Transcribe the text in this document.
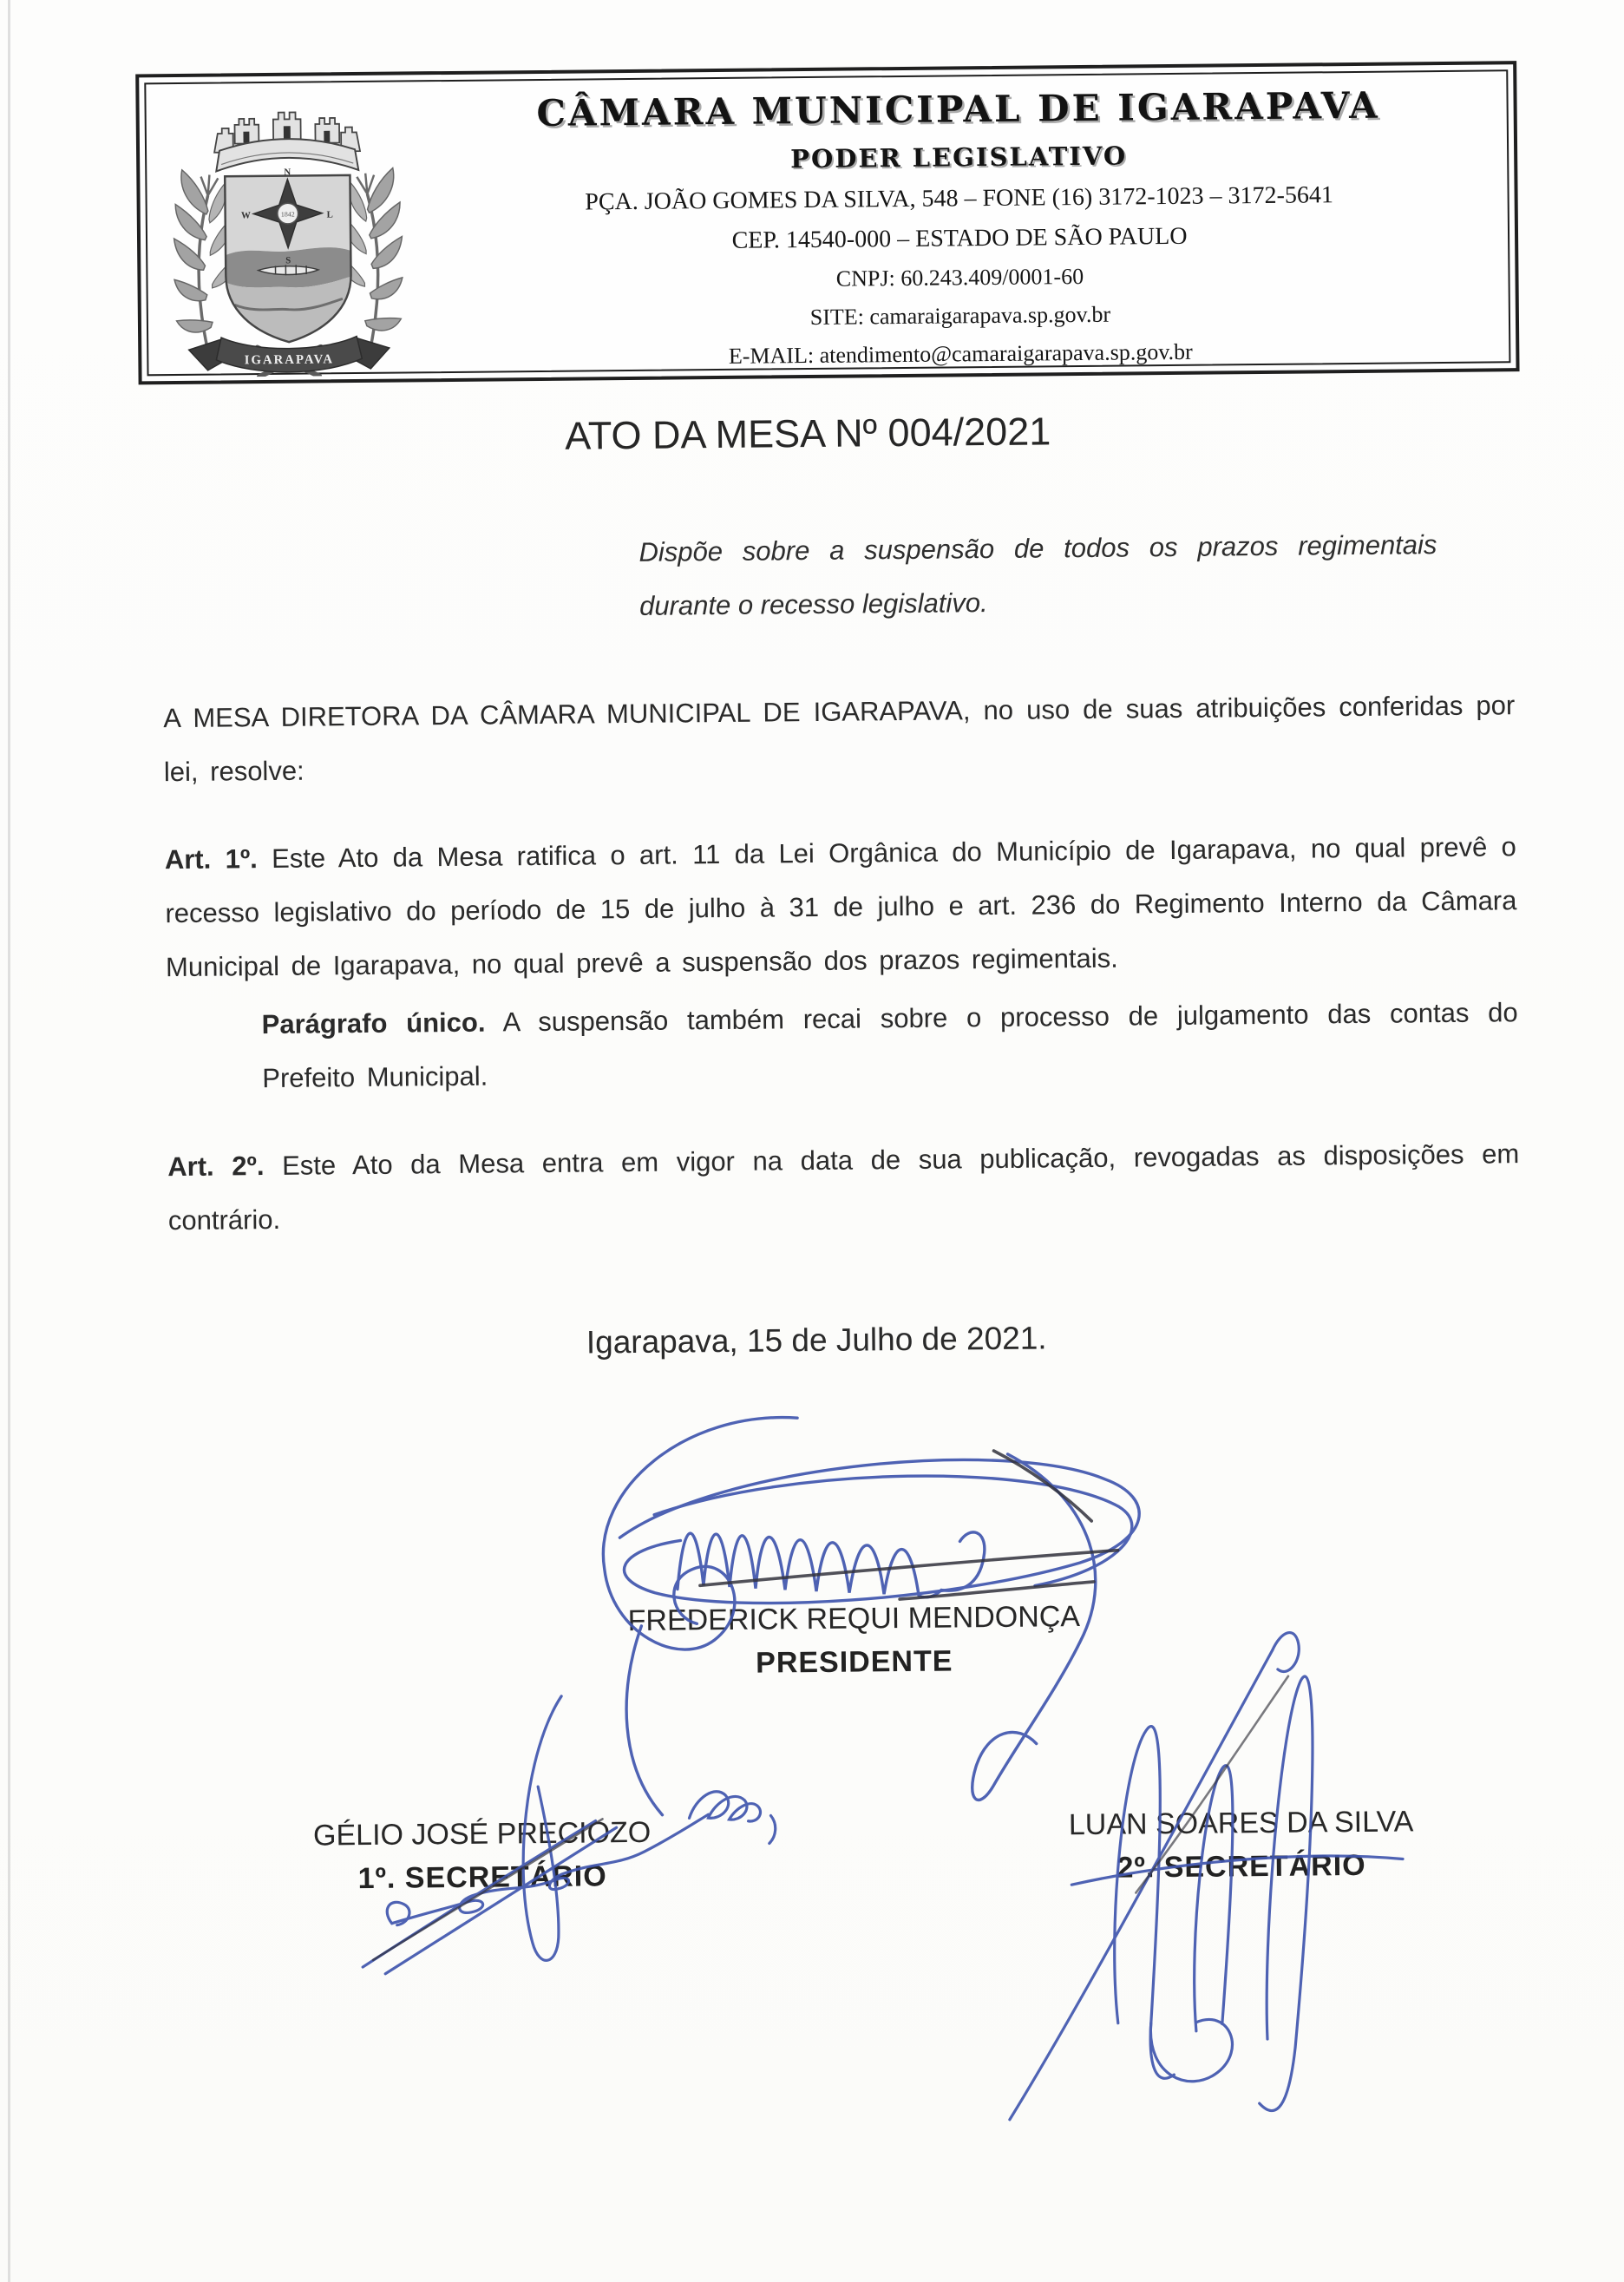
1842
N
W	L
S
IGARAPAVA
CÂMARA MUNICIPAL DE IGARAPAVA
PODER LEGISLATIVO
PÇA. JOÃO GOMES DA SILVA, 548 – FONE (16) 3172-1023 – 3172-5641
CEP. 14540-000 – ESTADO DE SÃO PAULO
CNPJ: 60.243.409/0001-60
SITE: camaraigarapava.sp.gov.br
E-MAIL: atendimento@camaraigarapava.sp.gov.br
ATO DA MESA Nº 004/2021
Dispõe sobre a suspensão de todos os prazos regimentais durante o recesso legislativo.
A MESA DIRETORA DA CÂMARA MUNICIPAL DE IGARAPAVA, no uso de suas atribuições conferidas por lei, resolve:
Art. 1º. Este Ato da Mesa ratifica o art. 11 da Lei Orgânica do Município de Igarapava, no qual prevê o recesso legislativo do período de 15 de julho à 31 de julho e art. 236 do Regimento Interno da Câmara Municipal de Igarapava, no qual prevê a suspensão dos prazos regimentais.
Parágrafo único. A suspensão também recai sobre o processo de julgamento das contas do Prefeito Municipal.
Art. 2º. Este Ato da Mesa entra em vigor na data de sua publicação, revogadas as disposições em contrário.
Igarapava, 15 de Julho de 2021.
FREDERICK REQUI MENDONÇA
PRESIDENTE
GÉLIO JOSÉ PRECIOZO
1º. SECRETÁRIO
LUAN SOARES DA SILVA
2º. SECRETÁRIO
